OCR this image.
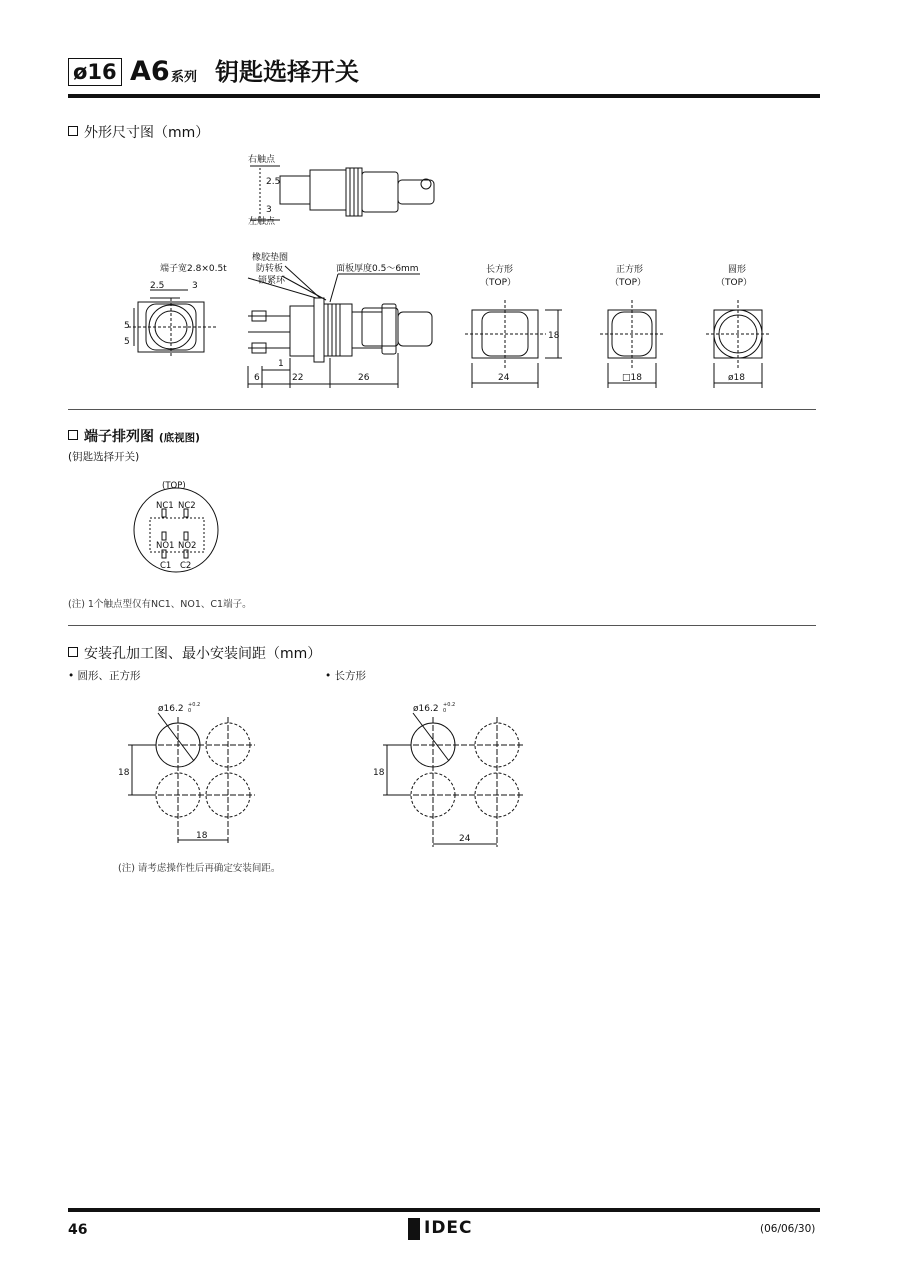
ø16 A6 系列 钥匙选择开关
外形尺寸图（mm）
右触点
左触点
2.5
3
橡胶垫圈
防转板
锁紧环
端子宽2.8×0.5t	面板厚度0.5～6mm
2.5	3
5
5
6
1
22	26
长方形
（TOP）
24
18
正方形
（TOP）
□18
圆形
（TOP）
ø18
端子排列图 (底视图)
(钥匙选择开关)
(TOP)
NC1 NC2
NO1 NO2
C1 C2
(注) 1个触点型仅有NC1、NO1、C1端子。
安装孔加工图、最小安装间距（mm）
• 圆形、正方形	• 长方形
ø16.2 +0.2
0
18
18
ø16.2 +0.2
0
18
24
(注) 请考虑操作性后再确定安装间距。
46	IDEC	(06/06/30)
